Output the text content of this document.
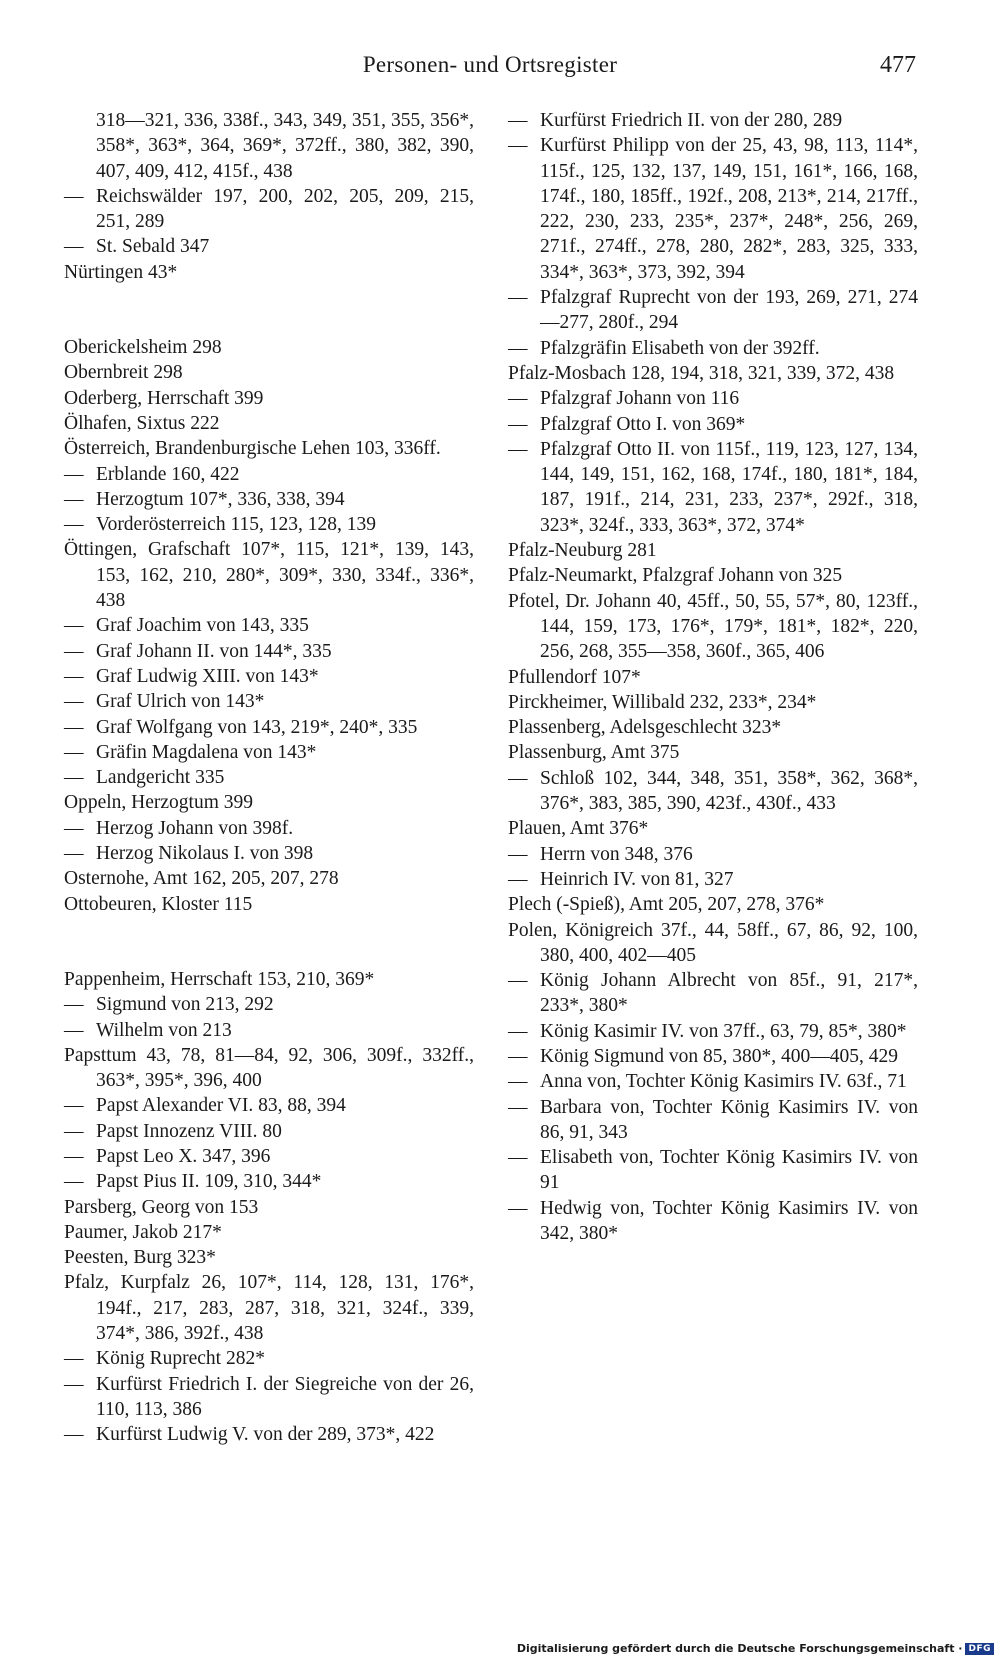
Personen- und Ortsregister	477
318—321, 336, 338f., 343, 349, 351, 355, 356*, 358*, 363*, 364, 369*, 372ff., 380, 382, 390, 407, 409, 412, 415f., 438
— Reichswälder 197, 200, 202, 205, 209, 215, 251, 289
— St. Sebald 347
Nürtingen 43*
Oberickelsheim 298
Obernbreit 298
Oderberg, Herrschaft 399
Ölhafen, Sixtus 222
Österreich, Brandenburgische Lehen 103, 336ff.
— Erblande 160, 422
— Herzogtum 107*, 336, 338, 394
— Vorderösterreich 115, 123, 128, 139
Öttingen, Grafschaft 107*, 115, 121*, 139, 143, 153, 162, 210, 280*, 309*, 330, 334f., 336*, 438
— Graf Joachim von 143, 335
— Graf Johann II. von 144*, 335
— Graf Ludwig XIII. von 143*
— Graf Ulrich von 143*
— Graf Wolfgang von 143, 219*, 240*, 335
— Gräfin Magdalena von 143*
— Landgericht 335
Oppeln, Herzogtum 399
— Herzog Johann von 398f.
— Herzog Nikolaus I. von 398
Osternohe, Amt 162, 205, 207, 278
Ottobeuren, Kloster 115
Pappenheim, Herrschaft 153, 210, 369*
— Sigmund von 213, 292
— Wilhelm von 213
Papsttum 43, 78, 81—84, 92, 306, 309f., 332ff., 363*, 395*, 396, 400
— Papst Alexander VI. 83, 88, 394
— Papst Innozenz VIII. 80
— Papst Leo X. 347, 396
— Papst Pius II. 109, 310, 344*
Parsberg, Georg von 153
Paumer, Jakob 217*
Peesten, Burg 323*
Pfalz, Kurpfalz 26, 107*, 114, 128, 131, 176*, 194f., 217, 283, 287, 318, 321, 324f., 339, 374*, 386, 392f., 438
— König Ruprecht 282*
— Kurfürst Friedrich I. der Siegreiche von der 26, 110, 113, 386
— Kurfürst Ludwig V. von der 289, 373*, 422
— Kurfürst Friedrich II. von der 280, 289
— Kurfürst Philipp von der 25, 43, 98, 113, 114*, 115f., 125, 132, 137, 149, 151, 161*, 166, 168, 174f., 180, 185ff., 192f., 208, 213*, 214, 217ff., 222, 230, 233, 235*, 237*, 248*, 256, 269, 271f., 274ff., 278, 280, 282*, 283, 325, 333, 334*, 363*, 373, 392, 394
— Pfalzgraf Ruprecht von der 193, 269, 271, 274—277, 280f., 294
— Pfalzgräfin Elisabeth von der 392ff.
Pfalz-Mosbach 128, 194, 318, 321, 339, 372, 438
— Pfalzgraf Johann von 116
— Pfalzgraf Otto I. von 369*
— Pfalzgraf Otto II. von 115f., 119, 123, 127, 134, 144, 149, 151, 162, 168, 174f., 180, 181*, 184, 187, 191f., 214, 231, 233, 237*, 292f., 318, 323*, 324f., 333, 363*, 372, 374*
Pfalz-Neuburg 281
Pfalz-Neumarkt, Pfalzgraf Johann von 325
Pfotel, Dr. Johann 40, 45ff., 50, 55, 57*, 80, 123ff., 144, 159, 173, 176*, 179*, 181*, 182*, 220, 256, 268, 355—358, 360f., 365, 406
Pfullendorf 107*
Pirckheimer, Willibald 232, 233*, 234*
Plassenberg, Adelsgeschlecht 323*
Plassenburg, Amt 375
— Schloß 102, 344, 348, 351, 358*, 362, 368*, 376*, 383, 385, 390, 423f., 430f., 433
Plauen, Amt 376*
— Herrn von 348, 376
— Heinrich IV. von 81, 327
Plech (-Spieß), Amt 205, 207, 278, 376*
Polen, Königreich 37f., 44, 58ff., 67, 86, 92, 100, 380, 400, 402—405
— König Johann Albrecht von 85f., 91, 217*, 233*, 380*
— König Kasimir IV. von 37ff., 63, 79, 85*, 380*
— König Sigmund von 85, 380*, 400—405, 429
— Anna von, Tochter König Kasimirs IV. 63f., 71
— Barbara von, Tochter König Kasimirs IV. von 86, 91, 343
— Elisabeth von, Tochter König Kasimirs IV. von 91
— Hedwig von, Tochter König Kasimirs IV. von 342, 380*
Digitalisierung gefördert durch die Deutsche Forschungsgemeinschaft · DFG
